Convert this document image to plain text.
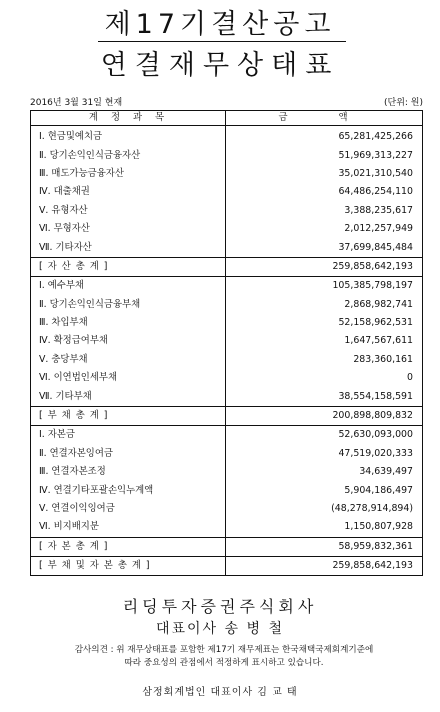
제17기결산공고
연결재무상태표
2016년 3월 31일 현재	(단위: 원)
계 정 과 목	금 액
Ⅰ. 현금및예치금	65,281,425,266
Ⅱ. 당기손익인식금융자산	51,969,313,227
Ⅲ. 매도가능금융자산	35,021,310,540
Ⅳ. 대출채권	64,486,254,110
Ⅴ. 유형자산	3,388,235,617
Ⅵ. 무형자산	2,012,257,949
Ⅶ. 기타자산	37,699,845,484
[ 자 산 총 계 ]	259,858,642,193
Ⅰ. 예수부채	105,385,798,197
Ⅱ. 당기손익인식금융부채	2,868,982,741
Ⅲ. 차입부채	52,158,962,531
Ⅳ. 확정급여부채	1,647,567,611
Ⅴ. 충당부채	283,360,161
Ⅵ. 이연법인세부채	0
Ⅶ. 기타부채	38,554,158,591
[ 부 채 총 계 ]	200,898,809,832
Ⅰ. 자본금	52,630,093,000
Ⅱ. 연결자본잉여금	47,519,020,333
Ⅲ. 연결자본조정	34,639,497
Ⅳ. 연결기타포괄손익누계액	5,904,186,497
Ⅴ. 연결이익잉여금	(48,278,914,894)
Ⅵ. 비지배지분	1,150,807,928
[ 자 본 총 계 ]	58,959,832,361
[ 부 채 및 자 본 총 계 ]	259,858,642,193
리딩투자증권주식회사
대표이사 송 병 철
감사의견 : 위 재무상태표를 포함한 제17기 재무제표는 한국채택국제회계기준에
따라 중요성의 관점에서 적정하게 표시하고 있습니다.
삼정회계법인 대표이사 김 교 태
